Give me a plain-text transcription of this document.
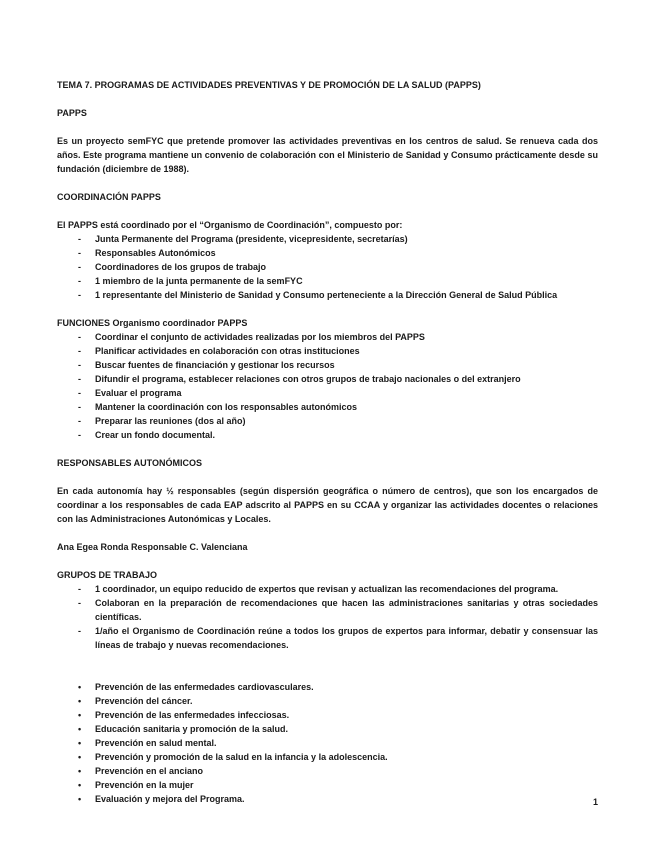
TEMA 7. PROGRAMAS DE ACTIVIDADES PREVENTIVAS Y DE PROMOCIÓN DE LA SALUD (PAPPS)

PAPPS

Es un proyecto semFYC que pretende promover las actividades preventivas en los centros de salud. Se renueva cada dos años. Este programa mantiene un convenio de colaboración con el Ministerio de Sanidad y Consumo prácticamente desde su fundación (diciembre de 1988).

COORDINACIÓN PAPPS

El PAPPS está coordinado por el “Organismo de Coordinación”, compuesto por:

- Junta Permanente del Programa (presidente, vicepresidente, secretarías)
- Responsables Autonómicos
- Coordinadores de los grupos de trabajo
- 1 miembro de la junta permanente de la semFYC
- 1 representante del Ministerio de Sanidad y Consumo perteneciente a la Dirección General de Salud Pública

FUNCIONES Organismo coordinador PAPPS

- Coordinar el conjunto de actividades realizadas por los miembros del PAPPS
- Planificar actividades en colaboración con otras instituciones
- Buscar fuentes de financiación y gestionar los recursos
- Difundir el programa, establecer relaciones con otros grupos de trabajo nacionales o del extranjero
- Evaluar el programa
- Mantener la coordinación con los responsables autonómicos
- Preparar las reuniones (dos al año)
- Crear un fondo documental.

RESPONSABLES AUTONÓMICOS

En cada autonomía hay ½ responsables (según dispersión geográfica o número de centros), que son los encargados de coordinar a los responsables de cada EAP adscrito al PAPPS en su CCAA y organizar las actividades docentes o relaciones con las Administraciones Autonómicas y Locales.

Ana Egea Ronda Responsable C. Valenciana

GRUPOS DE TRABAJO

- 1 coordinador, un equipo reducido de expertos que revisan y actualizan las recomendaciones del programa.
- Colaboran en la preparación de recomendaciones que hacen las administraciones sanitarias y otras sociedades científicas.
- 1/año el Organismo de Coordinación reúne a todos los grupos de expertos para informar, debatir y consensuar las líneas de trabajo y nuevas recomendaciones.
• Prevención de las enfermedades cardiovasculares.
• Prevención del cáncer.
• Prevención de las enfermedades infecciosas.
• Educación sanitaria y promoción de la salud.
• Prevención en salud mental.
• Prevención y promoción de la salud en la infancia y la adolescencia.
• Prevención en el anciano
• Prevención en la mujer
• Evaluación y mejora del Programa.	1
